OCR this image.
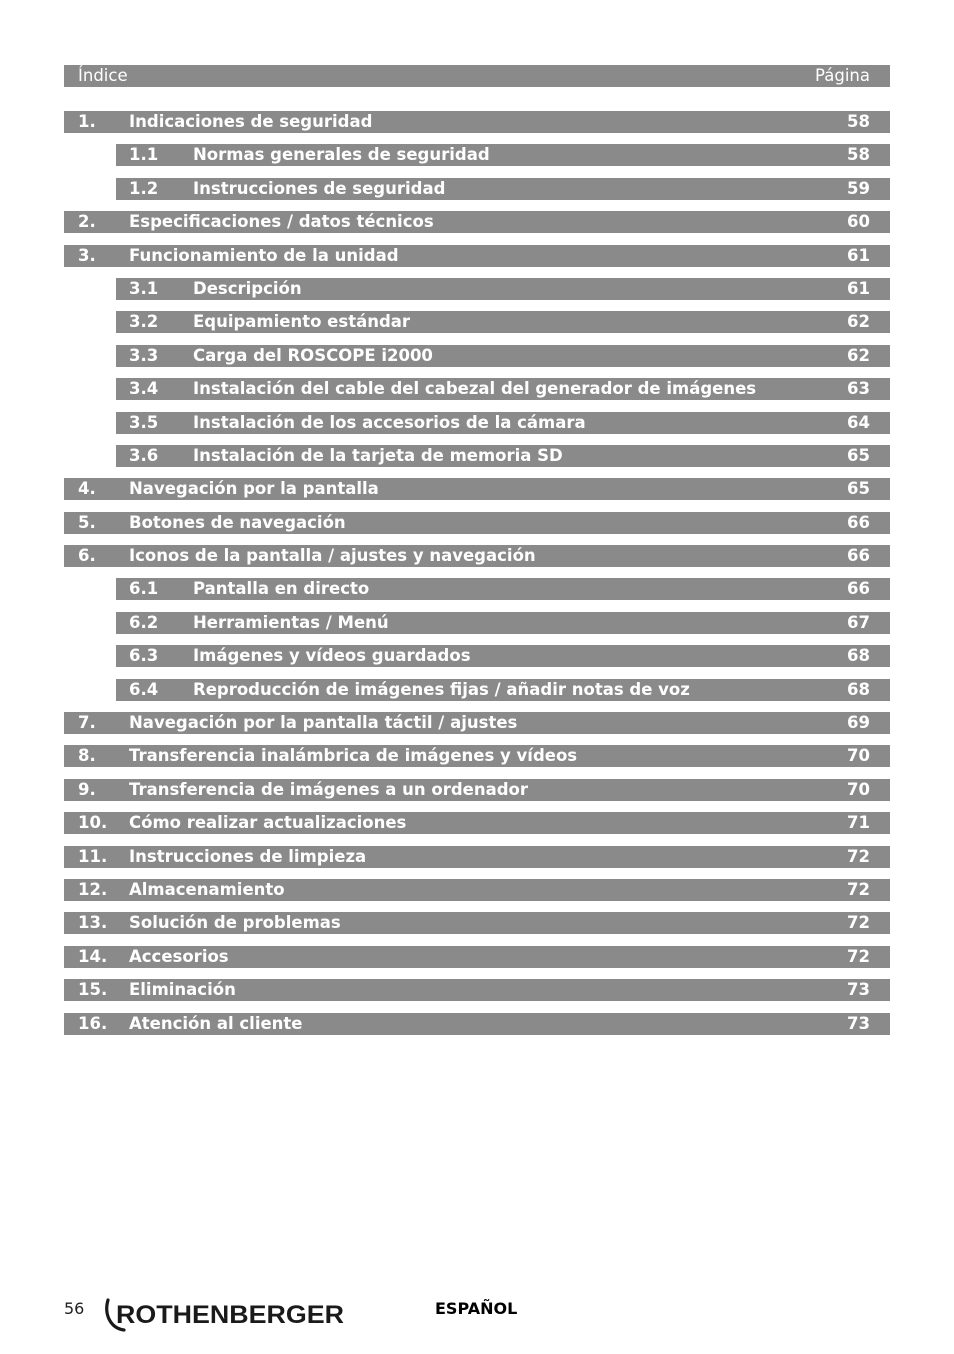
Índice	Página
1. Indicaciones de seguridad	58
1.1 Normas generales de seguridad	58
1.2 Instrucciones de seguridad	59
2. Especificaciones / datos técnicos	60
3. Funcionamiento de la unidad	61
3.1 Descripción	61
3.2 Equipamiento estándar	62
3.3 Carga del ROSCOPE i2000	62
3.4 Instalación del cable del cabezal del generador de imágenes	63
3.5 Instalación de los accesorios de la cámara	64
3.6 Instalación de la tarjeta de memoria SD	65
4. Navegación por la pantalla	65
5. Botones de navegación	66
6. Iconos de la pantalla / ajustes y navegación	66
6.1 Pantalla en directo	66
6.2 Herramientas / Menú	67
6.3 Imágenes y vídeos guardados	68
6.4 Reproducción de imágenes fijas / añadir notas de voz	68
7. Navegación por la pantalla táctil / ajustes	69
8. Transferencia inalámbrica de imágenes y vídeos	70
9. Transferencia de imágenes a un ordenador	70
10. Cómo realizar actualizaciones	71
11. Instrucciones de limpieza	72
12. Almacenamiento	72
13. Solución de problemas	72
14. Accesorios	72
15. Eliminación	73
16. Atención al cliente	73
56 ROTHENBERGER	ESPAÑOL
